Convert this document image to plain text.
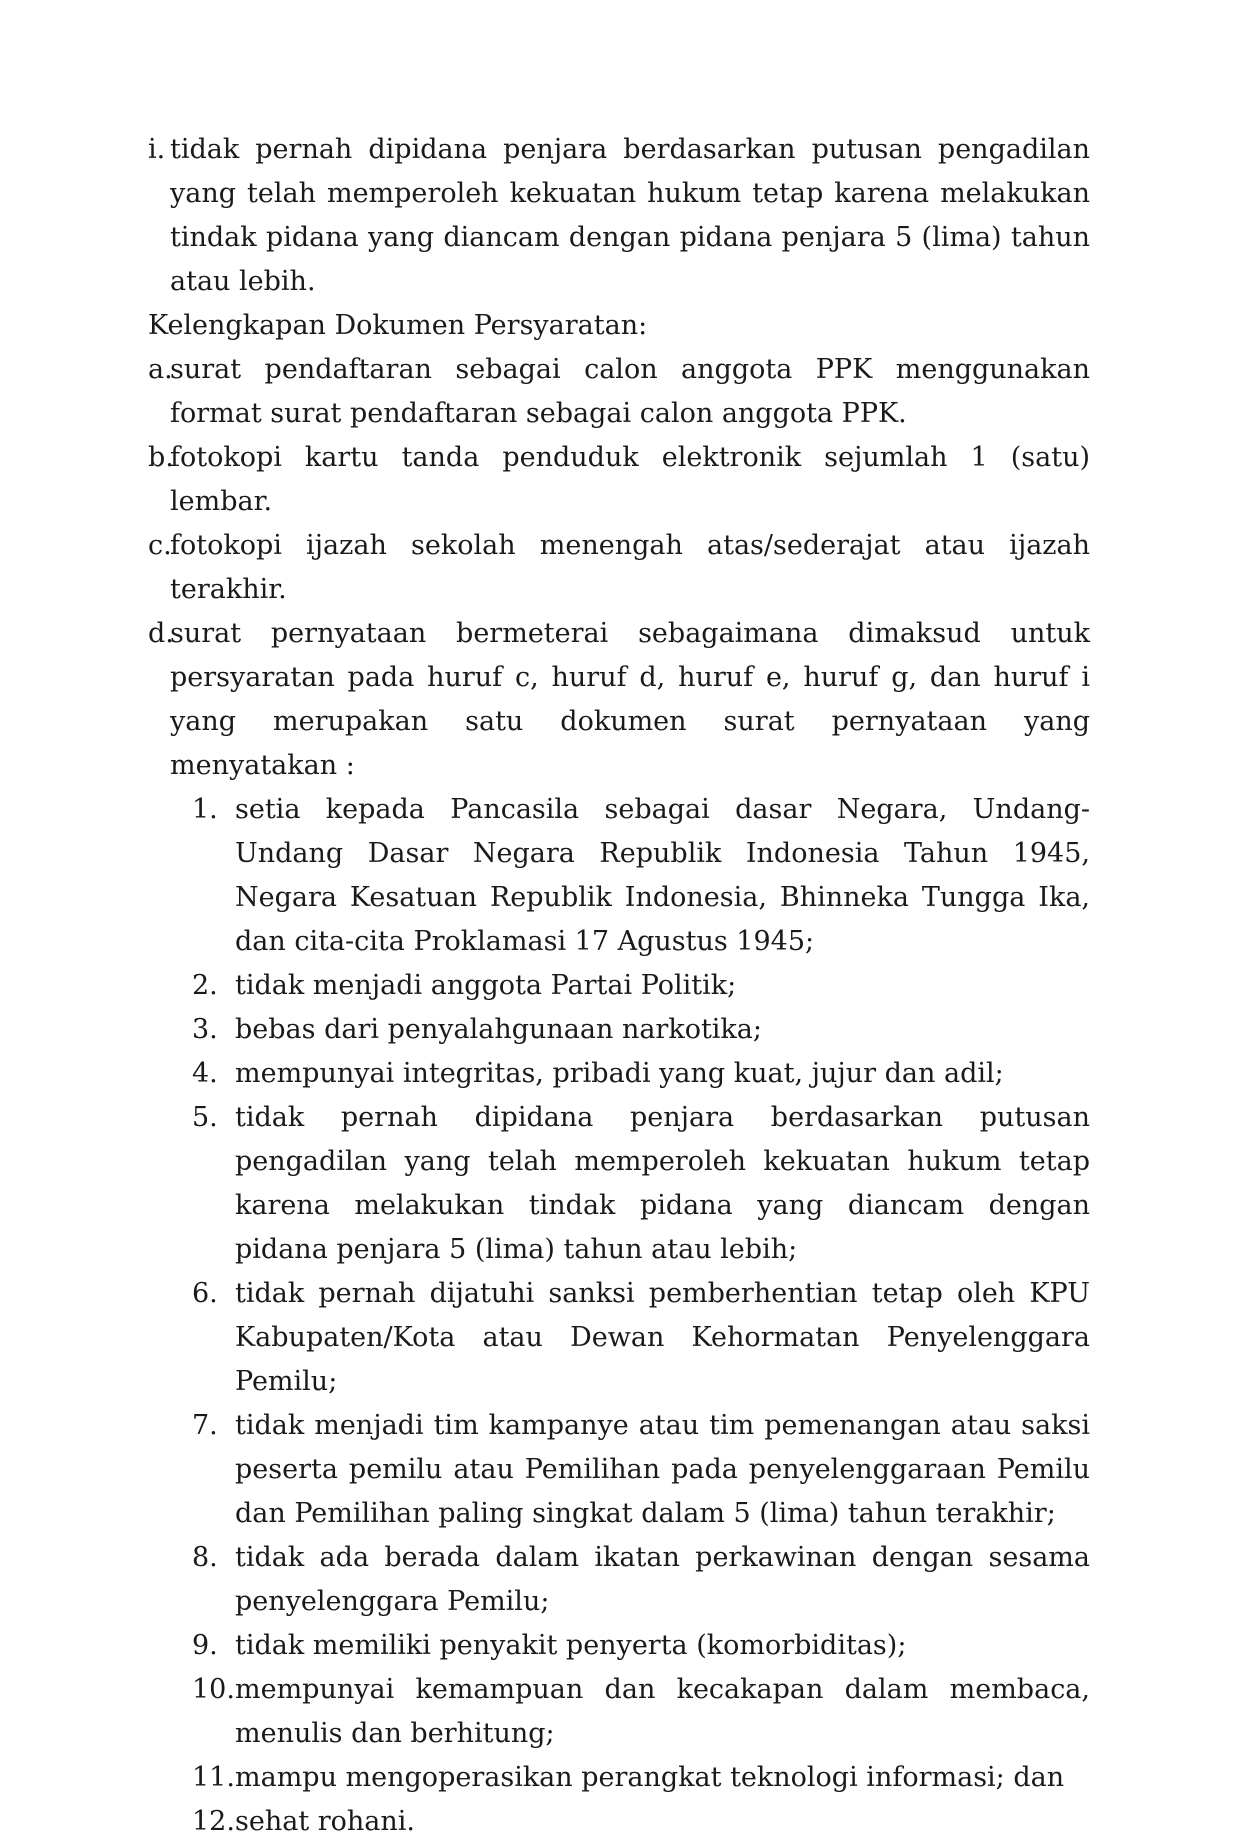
i. tidak pernah dipidana penjara berdasarkan putusan pengadilan yang telah memperoleh kekuatan hukum tetap karena melakukan tindak pidana yang diancam dengan pidana penjara 5 (lima) tahun atau lebih.
Kelengkapan Dokumen Persyaratan:
a.
surat pendaftaran sebagai calon anggota PPK menggunakan format surat pendaftaran sebagai calon anggota PPK.
b.
fotokopi kartu tanda penduduk elektronik sejumlah 1 (satu) lembar.
c.
fotokopi ijazah sekolah menengah atas/sederajat atau ijazah terakhir.
d.
surat pernyataan bermeterai sebagaimana dimaksud untuk persyaratan pada huruf c, huruf d, huruf e, huruf g, dan huruf i yang merupakan satu dokumen surat pernyataan yang menyatakan :
1. setia kepada Pancasila sebagai dasar Negara, Undang-Undang Dasar Negara Republik Indonesia Tahun 1945, Negara Kesatuan Republik Indonesia, Bhinneka Tungga Ika, dan cita-cita Proklamasi 17 Agustus 1945;
2. tidak menjadi anggota Partai Politik;
3. bebas dari penyalahgunaan narkotika;
4. mempunyai integritas, pribadi yang kuat, jujur dan adil;
5. tidak pernah dipidana penjara berdasarkan putusan pengadilan yang telah memperoleh kekuatan hukum tetap karena melakukan tindak pidana yang diancam dengan pidana penjara 5 (lima) tahun atau lebih;
6. tidak pernah dijatuhi sanksi pemberhentian tetap oleh KPU Kabupaten/Kota atau Dewan Kehormatan Penyelenggara Pemilu;
7. tidak menjadi tim kampanye atau tim pemenangan atau saksi peserta pemilu atau Pemilihan pada penyelenggaraan Pemilu dan Pemilihan paling singkat dalam 5 (lima) tahun terakhir;
8. tidak ada berada dalam ikatan perkawinan dengan sesama penyelenggara Pemilu;
9. tidak memiliki penyakit penyerta (komorbiditas);
10. mempunyai kemampuan dan kecakapan dalam membaca, menulis dan berhitung;
11. mampu mengoperasikan perangkat teknologi informasi; dan
12. sehat rohani.
